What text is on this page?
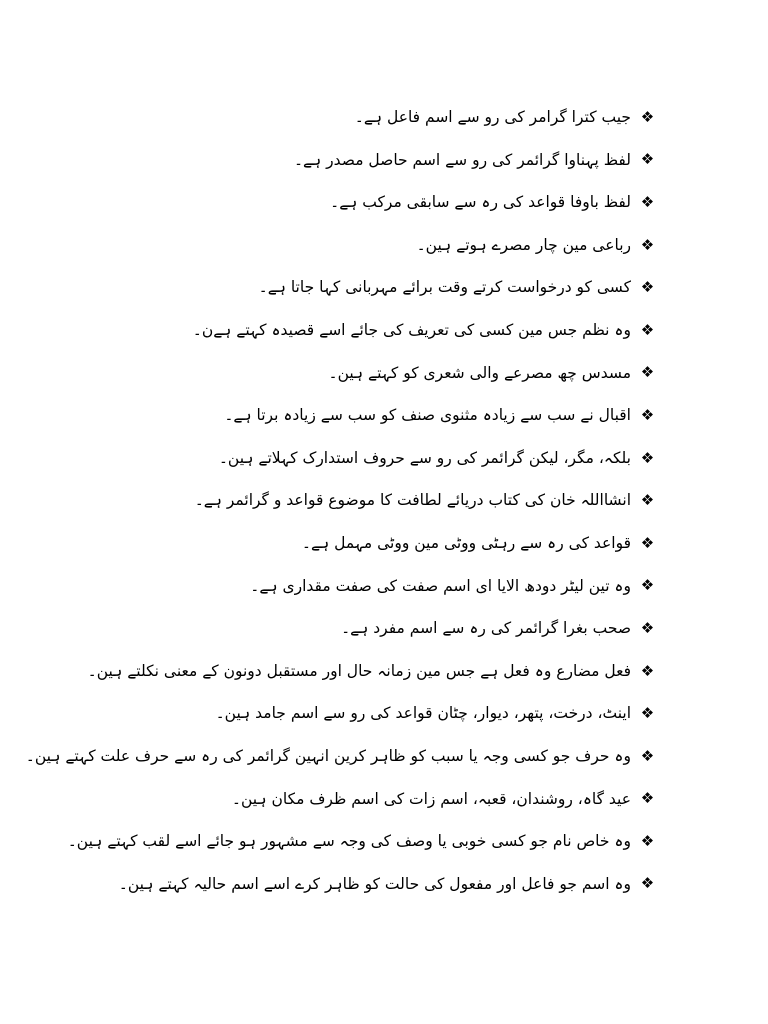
❖
جیب کترا گرامر کی رو سے اسم فاعل ہے۔
❖
لفظ پہناوا گرائمر کی رو سے اسم حاصل مصدر ہے۔
❖
لفظ باوفا قواعد کی رہ سے سابقی مرکب ہے۔
❖
رباعی مین چار مصرے ہوتے ہین۔
❖
کسی کو درخواست کرتے وقت برائے مہربانی کہا جاتا ہے۔
❖
وہ نظم جس مین کسی کی تعریف کی جائے اسے قصیدہ کہتے ہےن۔
❖
مسدس چھ مصرعے والی شعری کو کہتے ہین۔
❖
اقبال نے سب سے زیادہ مثنوی صنف کو سب سے زیادہ برتا ہے۔
❖
بلکہ، مگر، لیکن گرائمر کی رو سے حروف استدارک کہلاتے ہین۔
❖
انشااللہ خان کی کتاب دریائے لطافت کا موضوع قواعد و گرائمر ہے۔
❖
قواعد کی رہ سے رہٹی ووٹی مین ووٹی مہمل ہے۔
❖
وہ تین لیٹر دودھ الایا ای اسم صفت کی صفت مقداری ہے۔
❖
صحب بغرا گرائمر کی رہ سے اسم مفرد ہے۔
❖
فعل مضارع وہ فعل ہے جس مین زمانہ حال اور مستقبل دونون کے معنی نکلتے ہین۔
❖
اینٹ، درخت، پتھر، دیوار، چٹان قواعد کی رو سے اسم جامد ہین۔
❖
وہ حرف جو کسی وجہ یا سبب کو ظاہر کرین انہین گرائمر کی رہ سے حرف علت کہتے ہین۔
❖
عید گاہ، روشندان، قعبہ، اسم زات کی اسم ظرف مکان ہین۔
❖
وہ خاص نام جو کسی خوبی یا وصف کی وجہ سے مشہور ہو جائے اسے لقب کہتے ہین۔
❖
وہ اسم جو فاعل اور مفعول کی حالت کو ظاہر کرے اسے اسم حالیہ کہتے ہین۔
